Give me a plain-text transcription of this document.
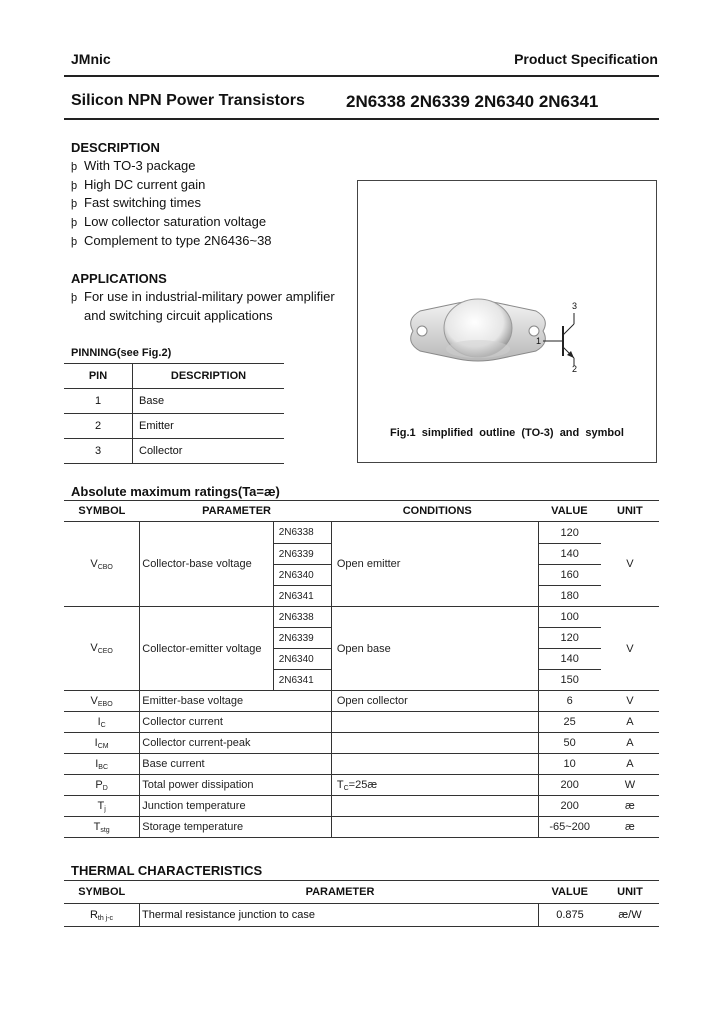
JMnic	Product Specification
Silicon NPN Power Transistors 2N6338 2N6339 2N6340 2N6341
DESCRIPTION
þ With TO-3 package
þ High DC current gain
þ Fast switching times
þ Low collector saturation voltage
þ Complement to type 2N6436~38
APPLICATIONS
þ For use in industrial-military power amplifier
and switching circuit applications
PINNING(see Fig.2)
PIN	DESCRIPTION
1	Base
2	Emitter
3	Collector
3
1
2
Fig.1  simplified  outline  (TO-3)  and  symbol
Absolute maximum ratings(Ta=æ)
SYMBOL	PARAMETER		CONDITIONS	VALUE	UNIT
$V_{CBO}$	Collector-base voltage	2N6338	Open emitter	120	V
		2N6339		140	
		2N6340		160	
		2N6341		180	
$V_{CEO}$	Collector-emitter voltage	2N6338	Open base	100	V
		2N6339		120	
		2N6340		140	
		2N6341		150	
$V_{EBO}$	Emitter-base voltage		Open collector	6	V
$I_C$	Collector current			25	A
$I_{CM}$	Collector current-peak			50	A
$I_{BC}$	Base current			10	A
$P_D$	Total power dissipation		$T_C=25æ$	200	W
$T_j$	Junction temperature			200	æ
$T_{stg}$	Storage temperature			-65~200	æ
THERMAL CHARACTERISTICS
SYMBOL	PARAMETER	VALUE	UNIT
$R_{th j-c}$	Thermal resistance junction to case	0.875	æ/W
